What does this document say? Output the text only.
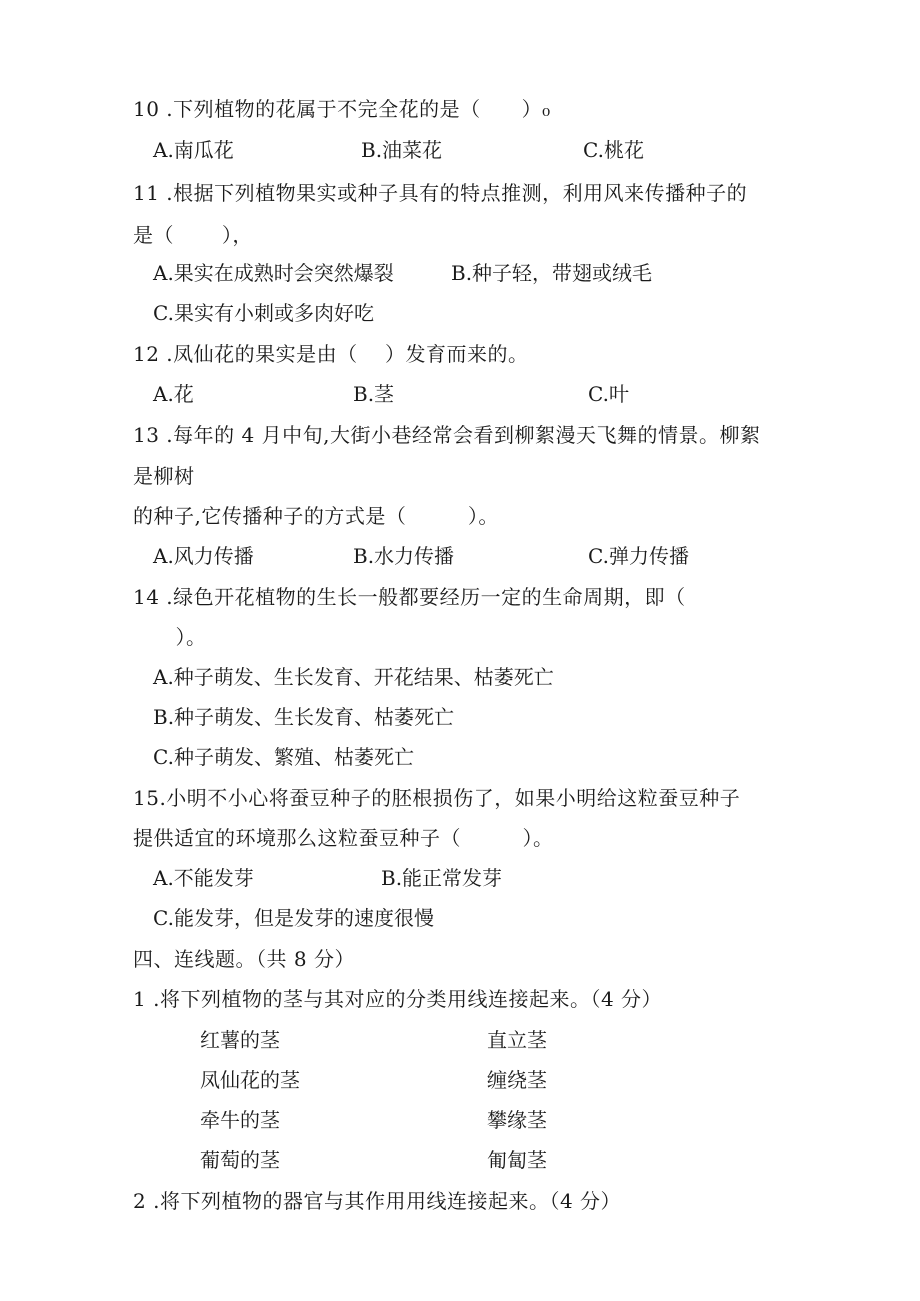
10 .下列植物的花属于不完全花的是（　　）₀
A.南瓜花	B.油菜花	C.桃花
11 .根据下列植物果实或种子具有的特点推测，利用风来传播种子的
是（　　 ），
A.果实在成熟时会突然爆裂	B.种子轻，带翅或绒毛
C.果实有小刺或多肉好吃
12 .凤仙花的果实是由（　 ）发育而来的。
A.花	B.茎	C.叶
13 .每年的 4 月中旬,大街小巷经常会看到柳絮漫天飞舞的情景。柳絮
是柳树
的种子,它传播种子的方式是（　　　）。
A.风力传播	B.水力传播	C.弹力传播
14 .绿色开花植物的生长一般都要经历一定的生命周期，即（
　）。
A.种子萌发、生长发育、开花结果、枯萎死亡
B.种子萌发、生长发育、枯萎死亡
C.种子萌发、繁殖、枯萎死亡
15.小明不小心将蚕豆种子的胚根损伤了，如果小明给这粒蚕豆种子
提供适宜的环境那么这粒蚕豆种子（　　　）。
A.不能发芽	B.能正常发芽
C.能发芽，但是发芽的速度很慢
四、连线题。（共 8 分）
1 .将下列植物的茎与其对应的分类用线连接起来。（4 分）
红薯的茎	直立茎
凤仙花的茎	缠绕茎
牵牛的茎	攀缘茎
葡萄的茎	匍匐茎
2 .将下列植物的器官与其作用用线连接起来。（4 分）
